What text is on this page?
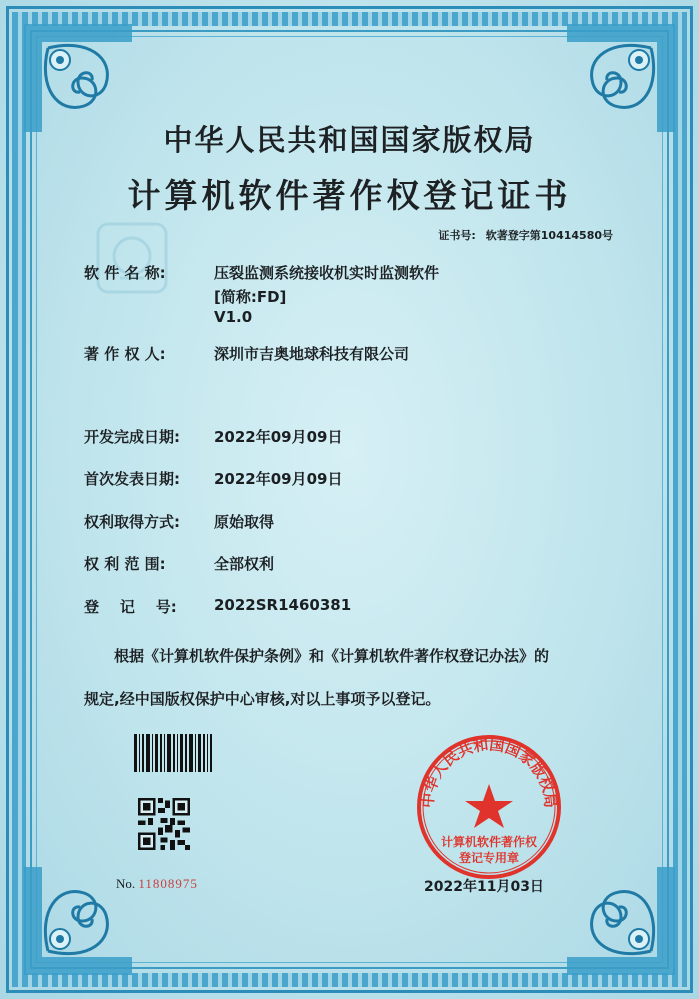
中华人民共和国国家版权局
计算机软件著作权登记证书
证书号: 软著登字第10414580号
软 件 名 称:	压裂监测系统接收机实时监测软件
[简称:FD]
V1.0
著 作 权 人:	深圳市吉奥地球科技有限公司
开发完成日期: 2022年09月09日
首次发表日期: 2022年09月09日
权利取得方式: 原始取得
权 利 范 围:	全部权利
登    记    号: 2022SR1460381
根据《计算机软件保护条例》和《计算机软件著作权登记办法》的
规定,经中国版权保护中心审核,对以上事项予以登记。
No. 11808975
中华人民共和国国家版权局
计算机软件著作权
登记专用章
2022年11月03日
